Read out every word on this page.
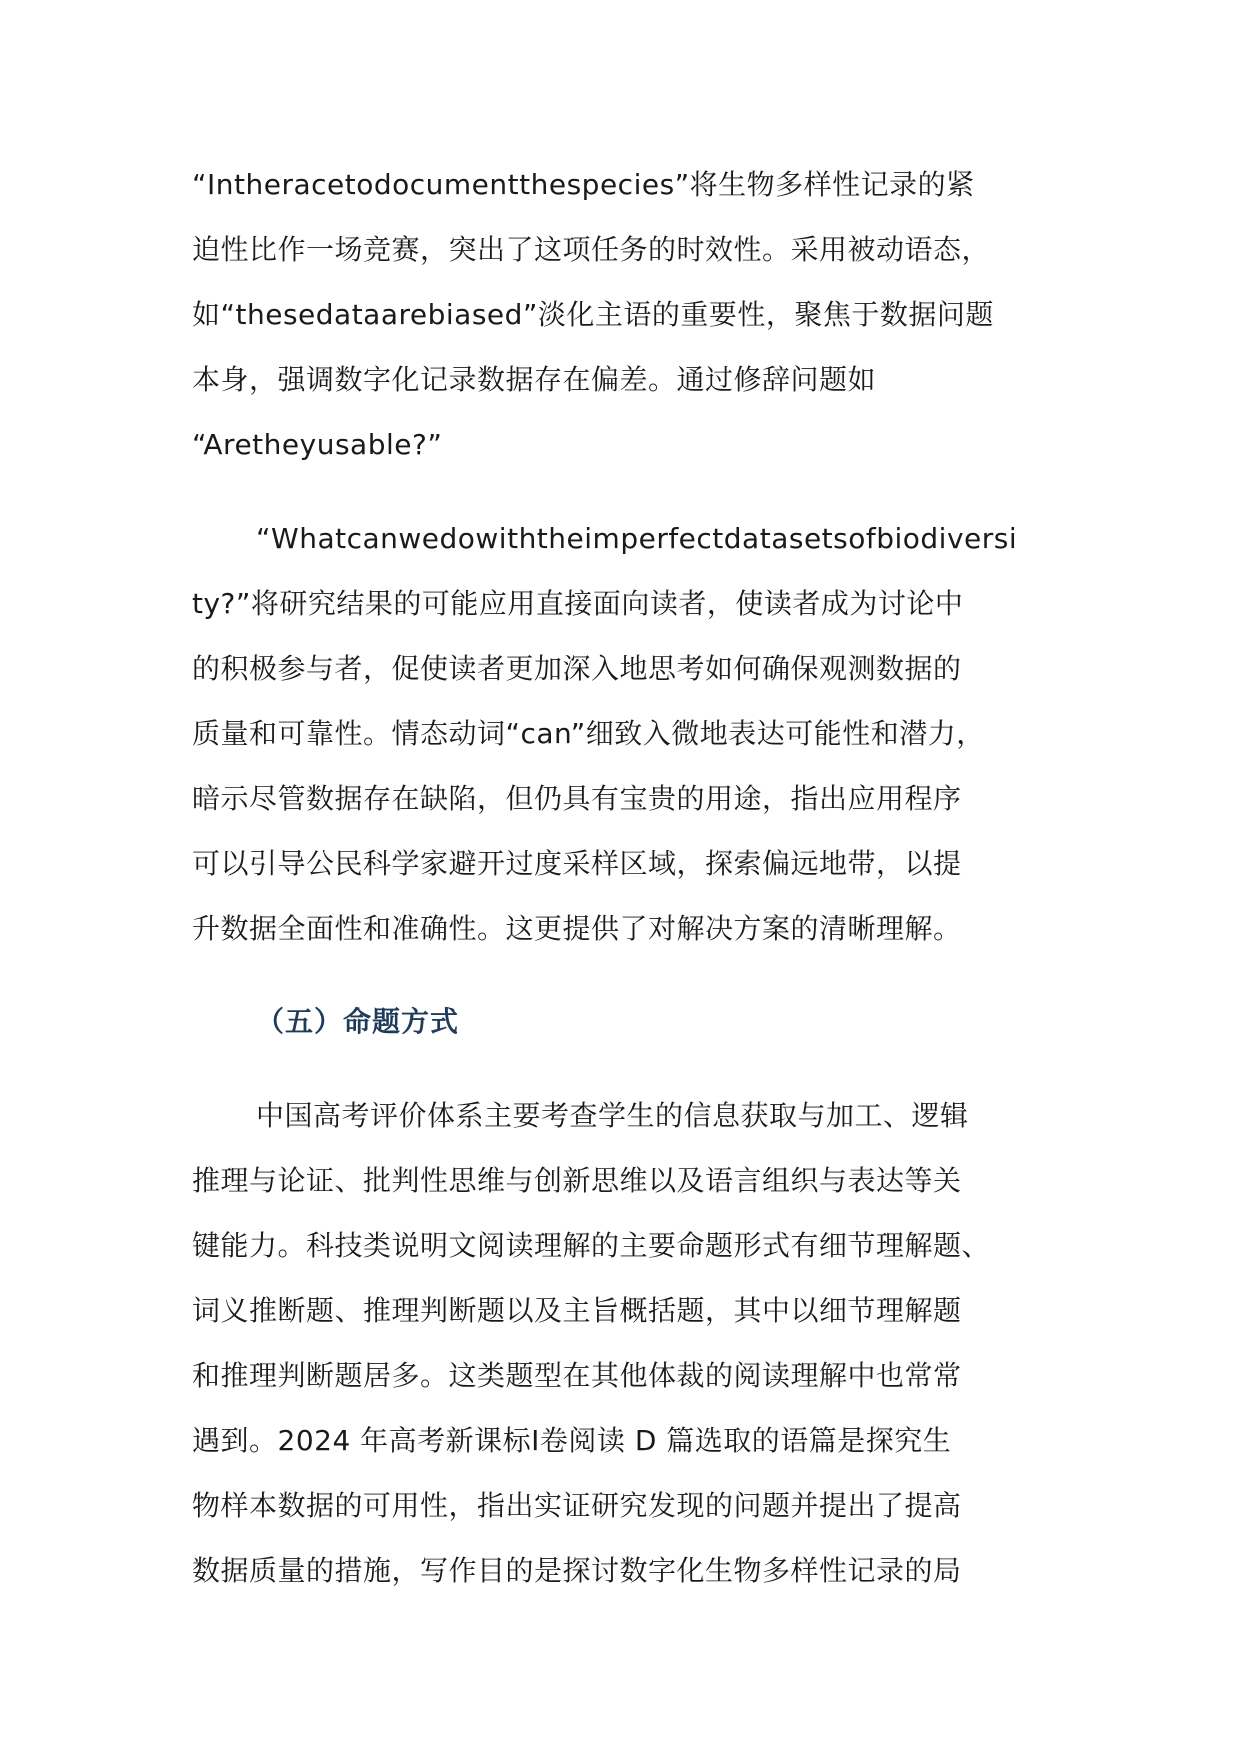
“Intheracetodocumentthespecies”将生物多样性记录的紧
迫性比作一场竞赛，突出了这项任务的时效性。采用被动语态，
如“thesedataarebiased”淡化主语的重要性，聚焦于数据问题
本身，强调数字化记录数据存在偏差。通过修辞问题如
“Aretheyusable?”
“Whatcanwedowiththeimperfectdatasetsofbiodiversi
ty?”将研究结果的可能应用直接面向读者，使读者成为讨论中
的积极参与者，促使读者更加深入地思考如何确保观测数据的
质量和可靠性。情态动词“can”细致入微地表达可能性和潜力，
暗示尽管数据存在缺陷，但仍具有宝贵的用途，指出应用程序
可以引导公民科学家避开过度采样区域，探索偏远地带，以提
升数据全面性和准确性。这更提供了对解决方案的清晰理解。
（五）命题方式
中国高考评价体系主要考查学生的信息获取与加工、逻辑
推理与论证、批判性思维与创新思维以及语言组织与表达等关
键能力。科技类说明文阅读理解的主要命题形式有细节理解题、
词义推断题、推理判断题以及主旨概括题，其中以细节理解题
和推理判断题居多。这类题型在其他体裁的阅读理解中也常常
遇到。2024 年高考新课标Ⅰ卷阅读 D 篇选取的语篇是探究生
物样本数据的可用性，指出实证研究发现的问题并提出了提高
数据质量的措施，写作目的是探讨数字化生物多样性记录的局
